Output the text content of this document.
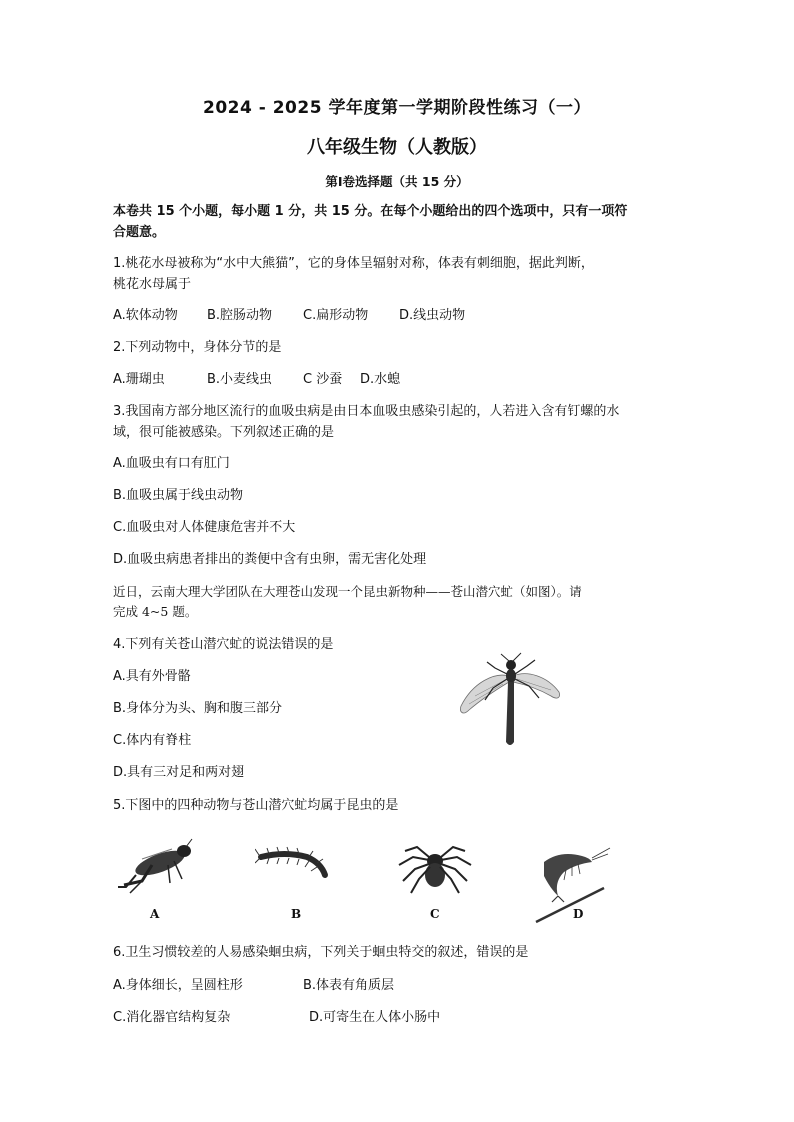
2024 - 2025 学年度第一学期阶段性练习（一）
八年级生物（人教版）
第Ⅰ卷选择题（共 15 分）
本卷共 15 个小题，每小题 1 分，共 15 分。在每个小题给出的四个选项中，只有一项符
合题意。
1.桃花水母被称为“水中大熊猫”，它的身体呈辐射对称，体表有刺细胞，据此判断，
桃花水母属于
A.软体动物 B.腔肠动物 C.扁形动物 D.线虫动物
2.下列动物中，身体分节的是
A.珊瑚虫	B.小麦线虫 C 沙蚕 D.水螅
3.我国南方部分地区流行的血吸虫病是由日本血吸虫感染引起的，人若进入含有钉螺的水
域，很可能被感染。下列叙述正确的是
A.血吸虫有口有肛门
B.血吸虫属于线虫动物
C.血吸虫对人体健康危害并不大
D.血吸虫病患者排出的粪便中含有虫卵，需无害化处理
近日，云南大理大学团队在大理苍山发现一个昆虫新物种——苍山潜穴虻（如图）。请
完成 4~5 题。
4.下列有关苍山潜穴虻的说法错误的是
A.具有外骨骼
B.身体分为头、胸和腹三部分
C.体内有脊柱
D.具有三对足和两对翅
5.下图中的四种动物与苍山潜穴虻均属于昆虫的是
A	B	C	D
6.卫生习惯较差的人易感染蛔虫病，下列关于蛔虫特交的叙述，错误的是
A.身体细长，呈圆柱形	B.体表有角质层
C.消化器官结构复杂	D.可寄生在人体小肠中
